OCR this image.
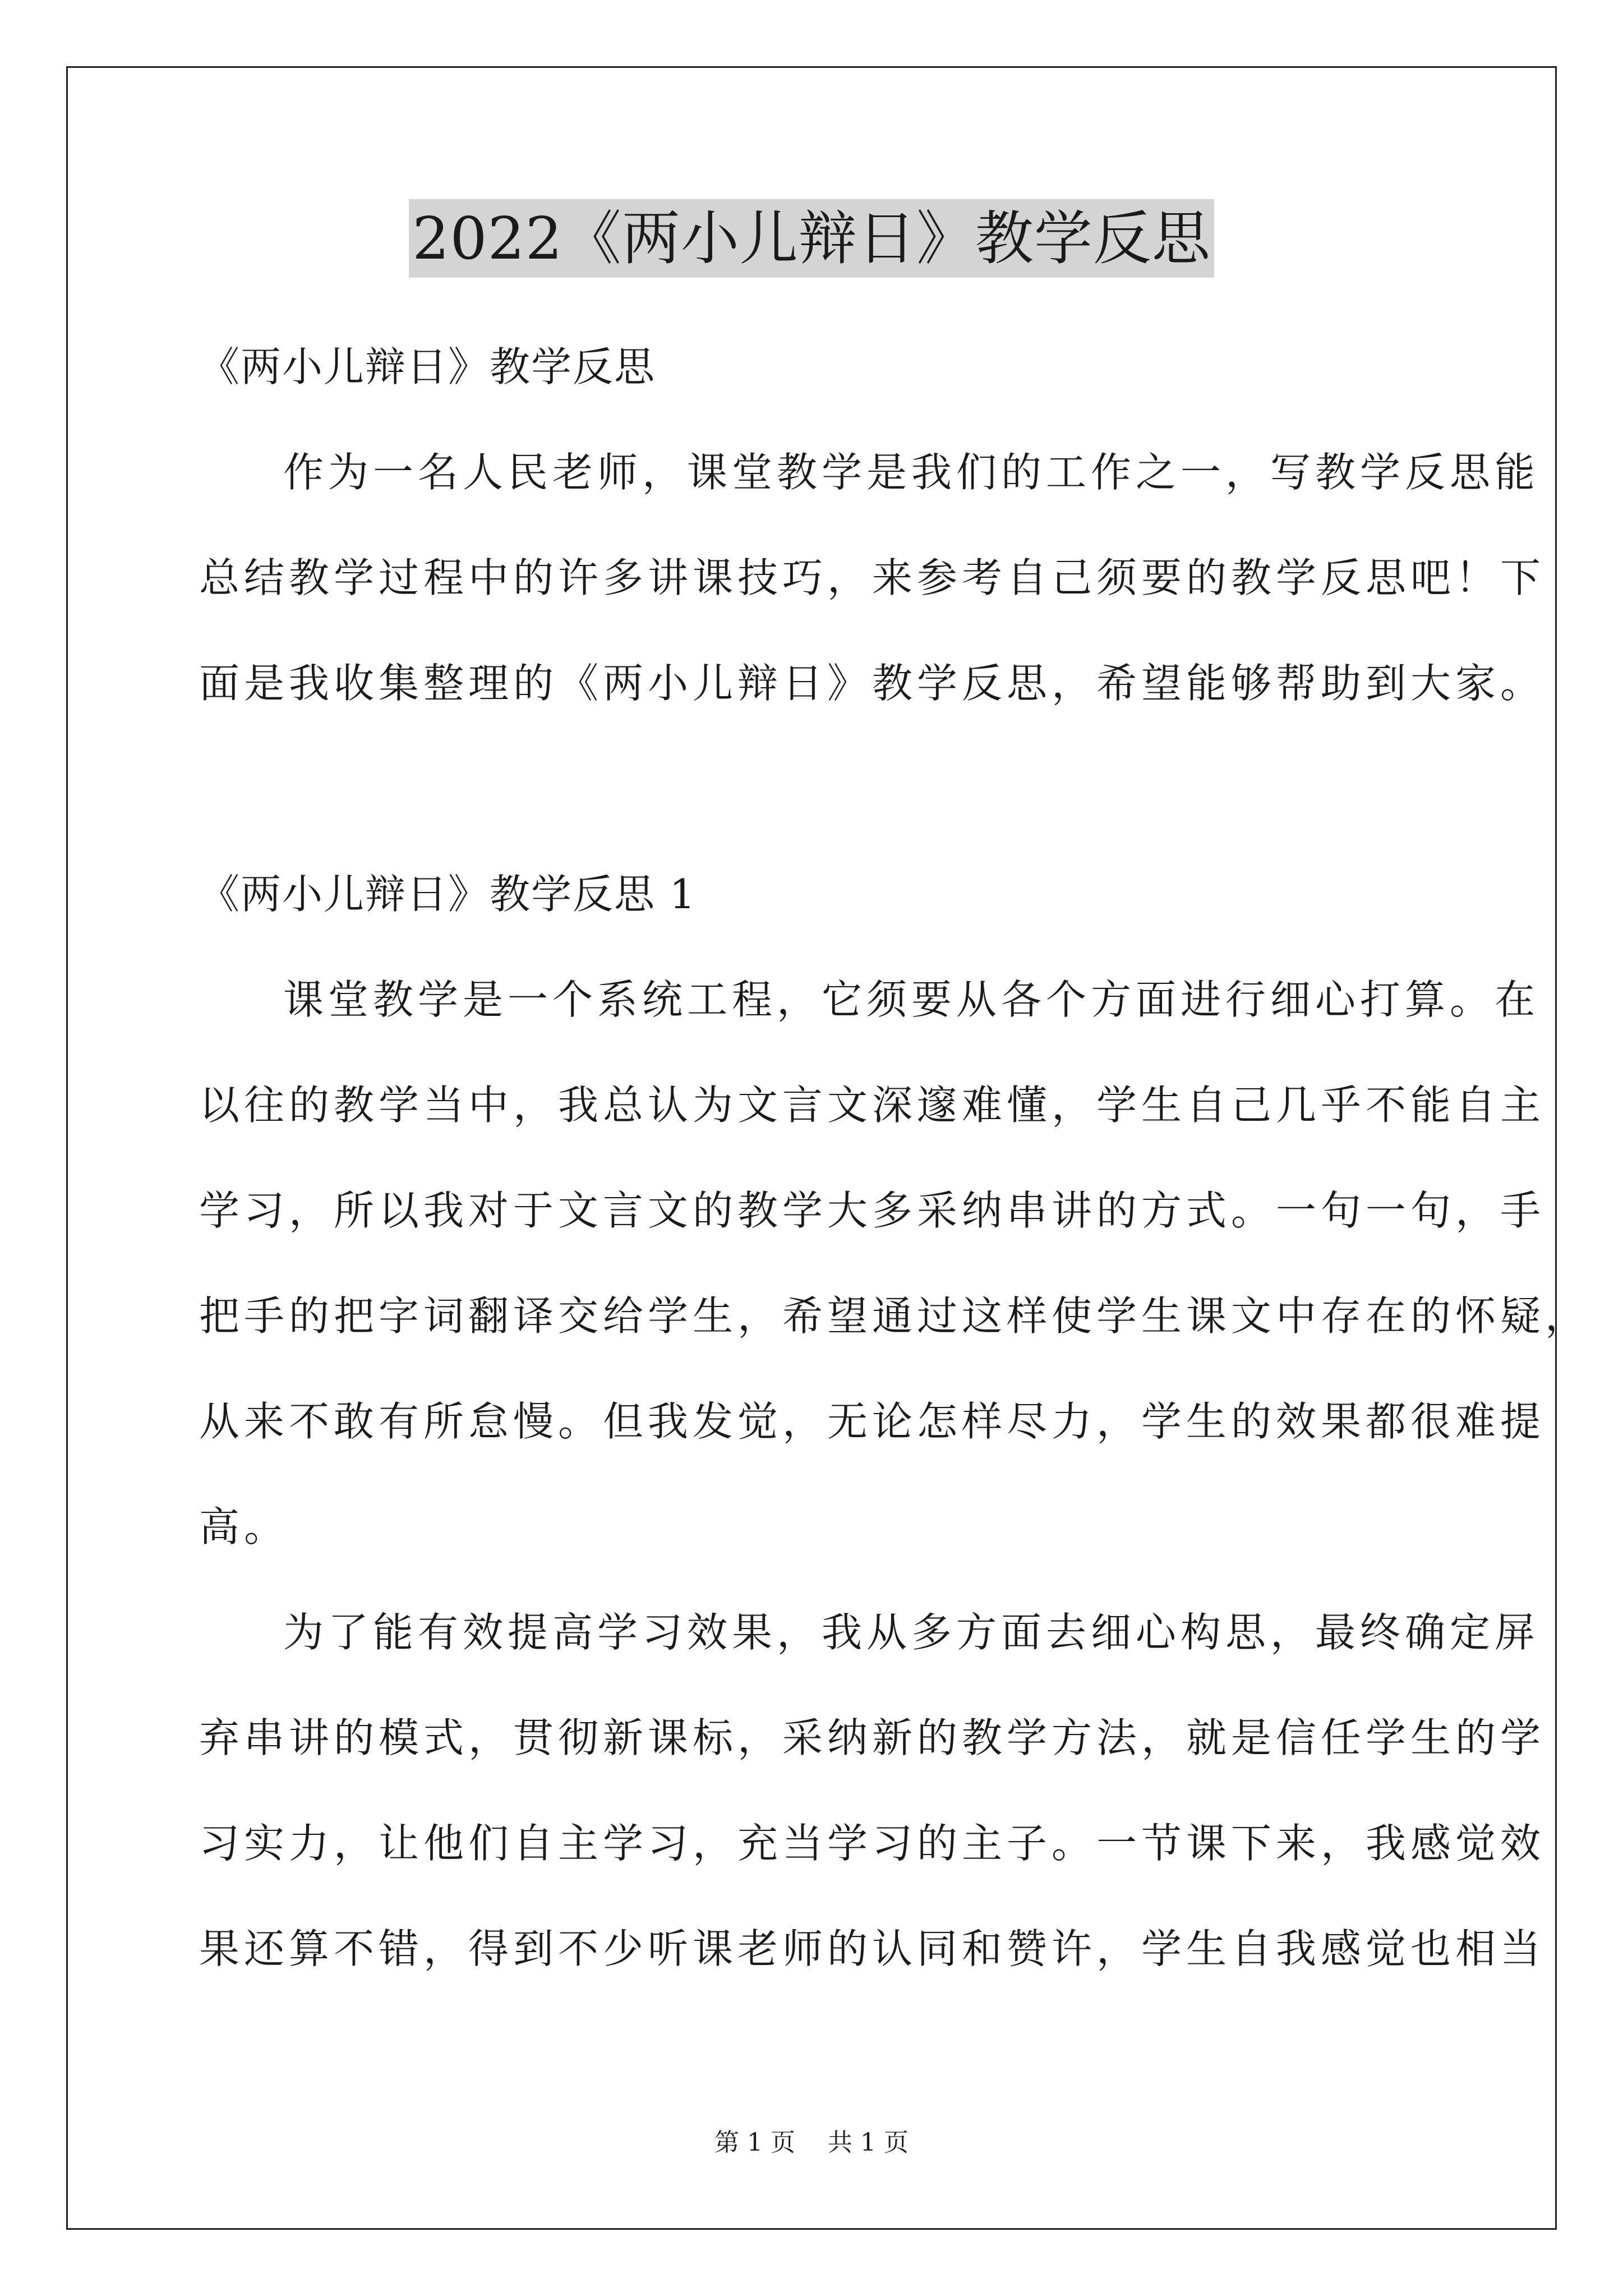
2022《两小儿辩日》教学反思
《两小儿辩日》教学反思
作为一名人民老师，课堂教学是我们的工作之一，写教学反思能
总结教学过程中的许多讲课技巧，来参考自己须要的教学反思吧！下
面是我收集整理的《两小儿辩日》教学反思，希望能够帮助到大家。
《两小儿辩日》教学反思 1
课堂教学是一个系统工程，它须要从各个方面进行细心打算。在
以往的教学当中，我总认为文言文深邃难懂，学生自己几乎不能自主
学习，所以我对于文言文的教学大多采纳串讲的方式。一句一句，手
把手的把字词翻译交给学生，希望通过这样使学生课文中存在的怀疑，
从来不敢有所怠慢。但我发觉，无论怎样尽力，学生的效果都很难提
高。
为了能有效提高学习效果，我从多方面去细心构思，最终确定屏
弃串讲的模式，贯彻新课标，采纳新的教学方法，就是信任学生的学
习实力，让他们自主学习，充当学习的主子。一节课下来，我感觉效
果还算不错，得到不少听课老师的认同和赞许，学生自我感觉也相当
第 1 页 共 1 页
